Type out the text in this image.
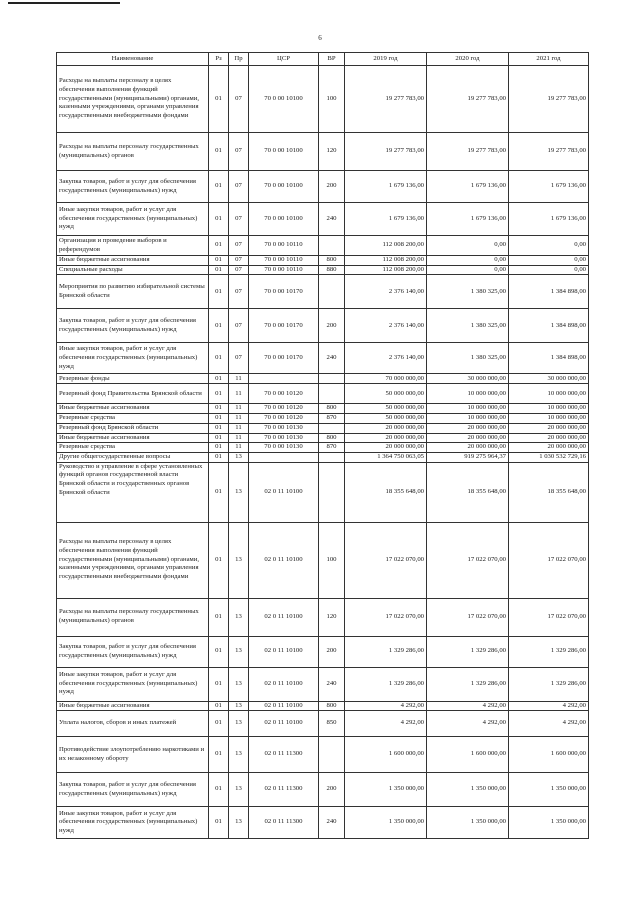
6
Наименование	Рз	Пр	ЦСР	ВР	2019 год	2020 год	2021 год
Расходы на выплаты персоналу в целях обеспечения выполнения функций государственными (муниципальными) органами, казенными учреждениями, органами управления государственными внебюджетными фондами	01	07	70 0 00 10100	100	19 277 783,00	19 277 783,00	19 277 783,00
Расходы на выплаты персоналу государственных (муниципальных) органов	01	07	70 0 00 10100	120	19 277 783,00	19 277 783,00	19 277 783,00
Закупка товаров, работ и услуг для обеспечения государственных (муниципальных) нужд	01	07	70 0 00 10100	200	1 679 136,00	1 679 136,00	1 679 136,00
Иные закупки товаров, работ и услуг для обеспечения государственных (муниципальных) нужд	01	07	70 0 00 10100	240	1 679 136,00	1 679 136,00	1 679 136,00
Организация и проведение выборов и референдумов	01	07	70 0 00 10110		112 008 200,00	0,00	0,00
Иные бюджетные ассигнования	01	07	70 0 00 10110	800	112 008 200,00	0,00	0,00
Специальные расходы	01	07	70 0 00 10110	880	112 008 200,00	0,00	0,00
Мероприятия по развитию избирательной системы Брянской области	01	07	70 0 00 10170		2 376 140,00	1 380 325,00	1 384 898,00
Закупка товаров, работ и услуг для обеспечения государственных (муниципальных) нужд	01	07	70 0 00 10170	200	2 376 140,00	1 380 325,00	1 384 898,00
Иные закупки товаров, работ и услуг для обеспечения государственных (муниципальных) нужд	01	07	70 0 00 10170	240	2 376 140,00	1 380 325,00	1 384 898,00
Резервные фонды	01	11			70 000 000,00	30 000 000,00	30 000 000,00
Резервный фонд Правительства Брянской области	01	11	70 0 00 10120		50 000 000,00	10 000 000,00	10 000 000,00
Иные бюджетные ассигнования	01	11	70 0 00 10120	800	50 000 000,00	10 000 000,00	10 000 000,00
Резервные средства	01	11	70 0 00 10120	870	50 000 000,00	10 000 000,00	10 000 000,00
Резервный фонд Брянской области	01	11	70 0 00 10130		20 000 000,00	20 000 000,00	20 000 000,00
Иные бюджетные ассигнования	01	11	70 0 00 10130	800	20 000 000,00	20 000 000,00	20 000 000,00
Резервные средства	01	11	70 0 00 10130	870	20 000 000,00	20 000 000,00	20 000 000,00
Другие общегосударственные вопросы	01	13			1 364 750 063,05	919 275 964,37	1 030 532 729,16
Руководство и управление в сфере установленных функций органов государственной власти Брянской области и государственных органов Брянской области	01	13	02 0 11 10100		18 355 648,00	18 355 648,00	18 355 648,00
Расходы на выплаты персоналу в целях обеспечения выполнения функций государственными (муниципальными) органами, казенными учреждениями, органами управления государственными внебюджетными фондами	01	13	02 0 11 10100	100	17 022 070,00	17 022 070,00	17 022 070,00
Расходы на выплаты персоналу государственных (муниципальных) органов	01	13	02 0 11 10100	120	17 022 070,00	17 022 070,00	17 022 070,00
Закупка товаров, работ и услуг для обеспечения государственных (муниципальных) нужд	01	13	02 0 11 10100	200	1 329 286,00	1 329 286,00	1 329 286,00
Иные закупки товаров, работ и услуг для обеспечения государственных (муниципальных) нужд	01	13	02 0 11 10100	240	1 329 286,00	1 329 286,00	1 329 286,00
Иные бюджетные ассигнования	01	13	02 0 11 10100	800	4 292,00	4 292,00	4 292,00
Уплата налогов, сборов и иных платежей	01	13	02 0 11 10100	850	4 292,00	4 292,00	4 292,00
Противодействие злоупотреблению наркотиками и их незаконному обороту	01	13	02 0 11 11300		1 600 000,00	1 600 000,00	1 600 000,00
Закупка товаров, работ и услуг для обеспечения государственных (муниципальных) нужд	01	13	02 0 11 11300	200	1 350 000,00	1 350 000,00	1 350 000,00
Иные закупки товаров, работ и услуг для обеспечения государственных (муниципальных) нужд	01	13	02 0 11 11300	240	1 350 000,00	1 350 000,00	1 350 000,00
